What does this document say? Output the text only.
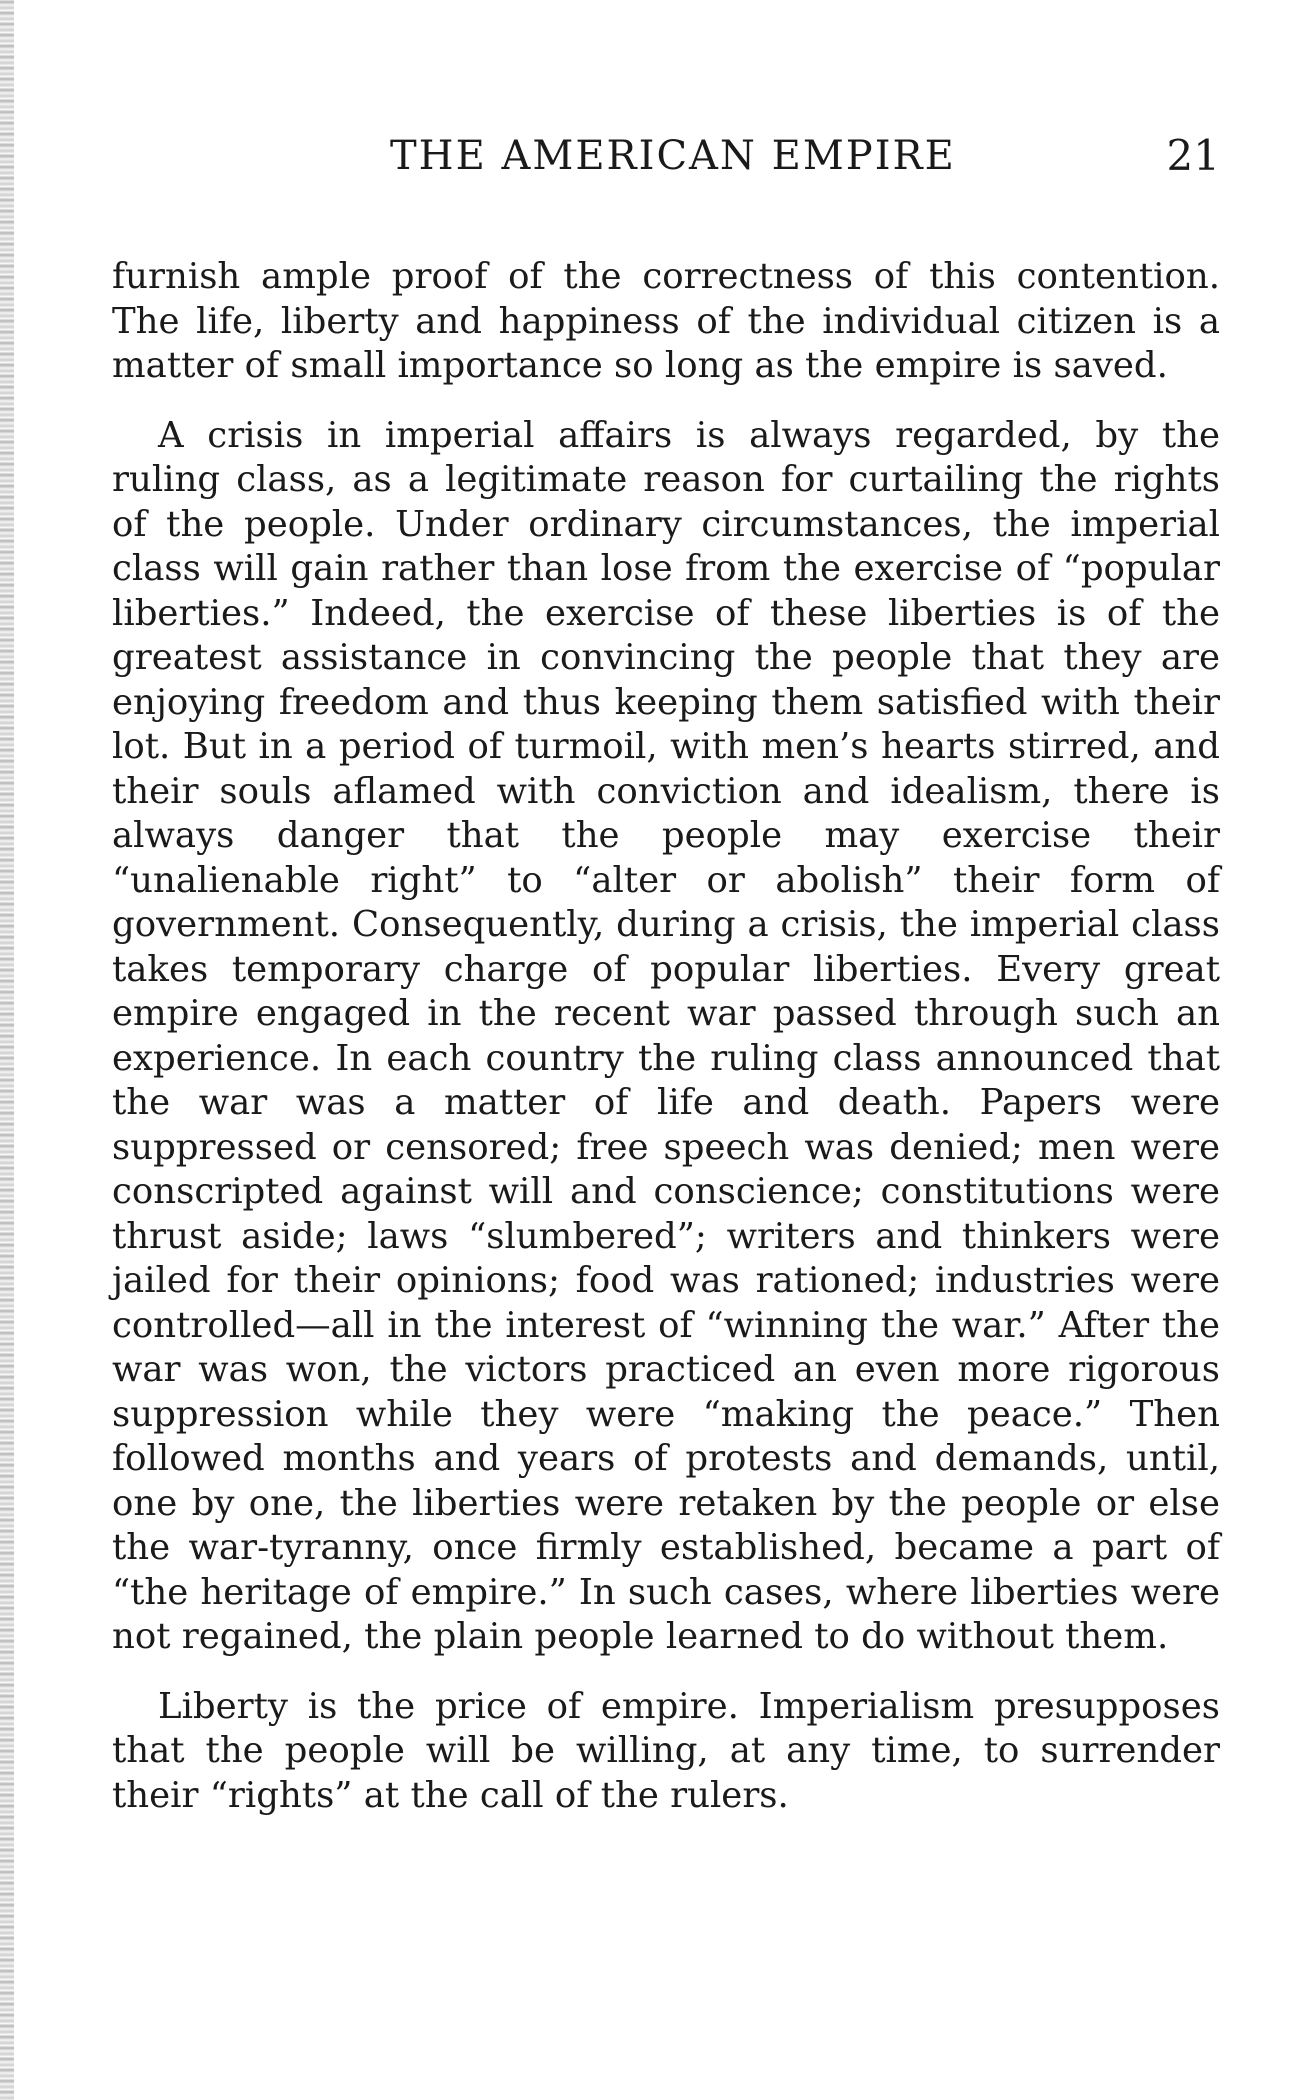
THE AMERICAN EMPIRE	21

furnish ample proof of the correctness of this contention. The life, liberty and happiness of the individual citizen is a matter of small importance so long as the empire is saved.

A crisis in imperial affairs is always regarded, by the ruling class, as a legitimate reason for curtailing the rights of the people. Under ordinary circumstances, the imperial class will gain rather than lose from the exercise of “popular liberties.” Indeed, the exercise of these liberties is of the greatest assistance in convincing the people that they are enjoying freedom and thus keeping them satisfied with their lot. But in a period of turmoil, with men’s hearts stirred, and their souls aflamed with conviction and idealism, there is always danger that the people may exercise their “unalienable right” to “alter or abolish” their form of government. Consequently, during a crisis, the imperial class takes temporary charge of popular liberties. Every great empire engaged in the recent war passed through such an experience. In each country the ruling class announced that the war was a matter of life and death. Papers were suppressed or censored; free speech was denied; men were conscripted against will and conscience; constitutions were thrust aside; laws “slumbered”; writers and thinkers were jailed for their opinions; food was rationed; industries were controlled—all in the interest of “winning the war.” After the war was won, the victors practiced an even more rigorous suppression while they were “making the peace.” Then followed months and years of protests and demands, until, one by one, the liberties were retaken by the people or else the war-tyranny, once firmly established, became a part of “the heritage of empire.” In such cases, where liberties were not regained, the plain people learned to do without them.

Liberty is the price of empire. Imperialism presupposes that the people will be willing, at any time, to surrender their “rights” at the call of the rulers.
